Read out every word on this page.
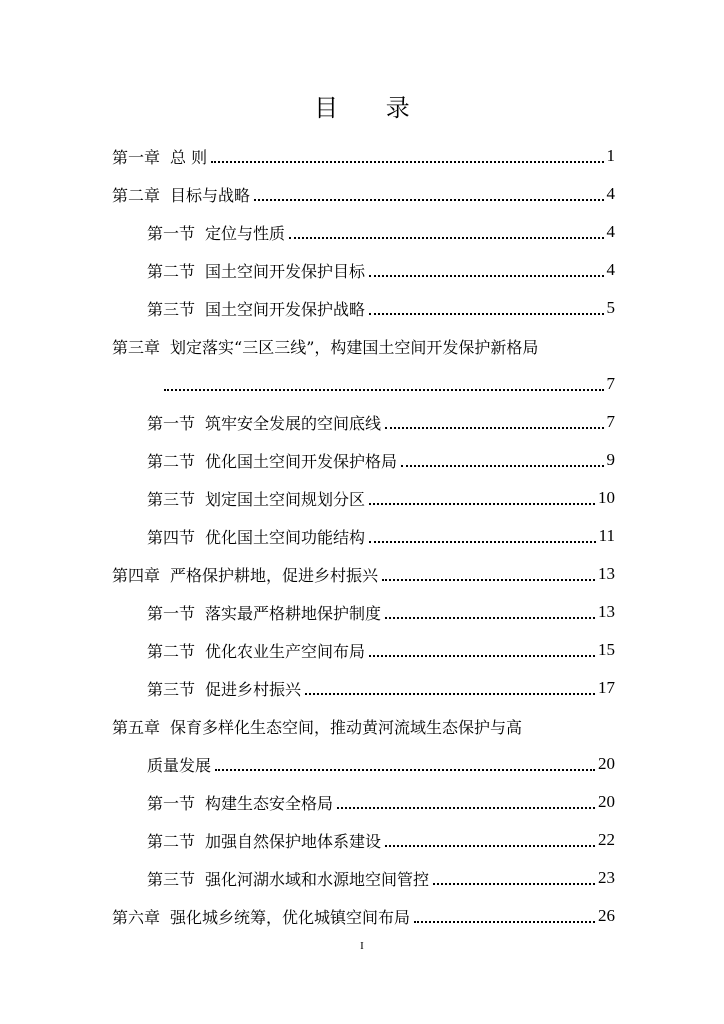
目 录
第一章 总 则	1
第二章 目标与战略	4
第一节 定位与性质	4
第二节 国土空间开发保护目标	4
第三节 国土空间开发保护战略	5
第三章 划定落实“三区三线”，构建国土空间开发保护新格局
7
第一节 筑牢安全发展的空间底线	7
第二节 优化国土空间开发保护格局	9
第三节 划定国土空间规划分区	10
第四节 优化国土空间功能结构	11
第四章 严格保护耕地，促进乡村振兴	13
第一节 落实最严格耕地保护制度	13
第二节 优化农业生产空间布局	15
第三节 促进乡村振兴	17
第五章 保育多样化生态空间，推动黄河流域生态保护与高
质量发展	20
第一节 构建生态安全格局	20
第二节 加强自然保护地体系建设	22
第三节 强化河湖水域和水源地空间管控	23
第六章 强化城乡统筹，优化城镇空间布局	26
I
